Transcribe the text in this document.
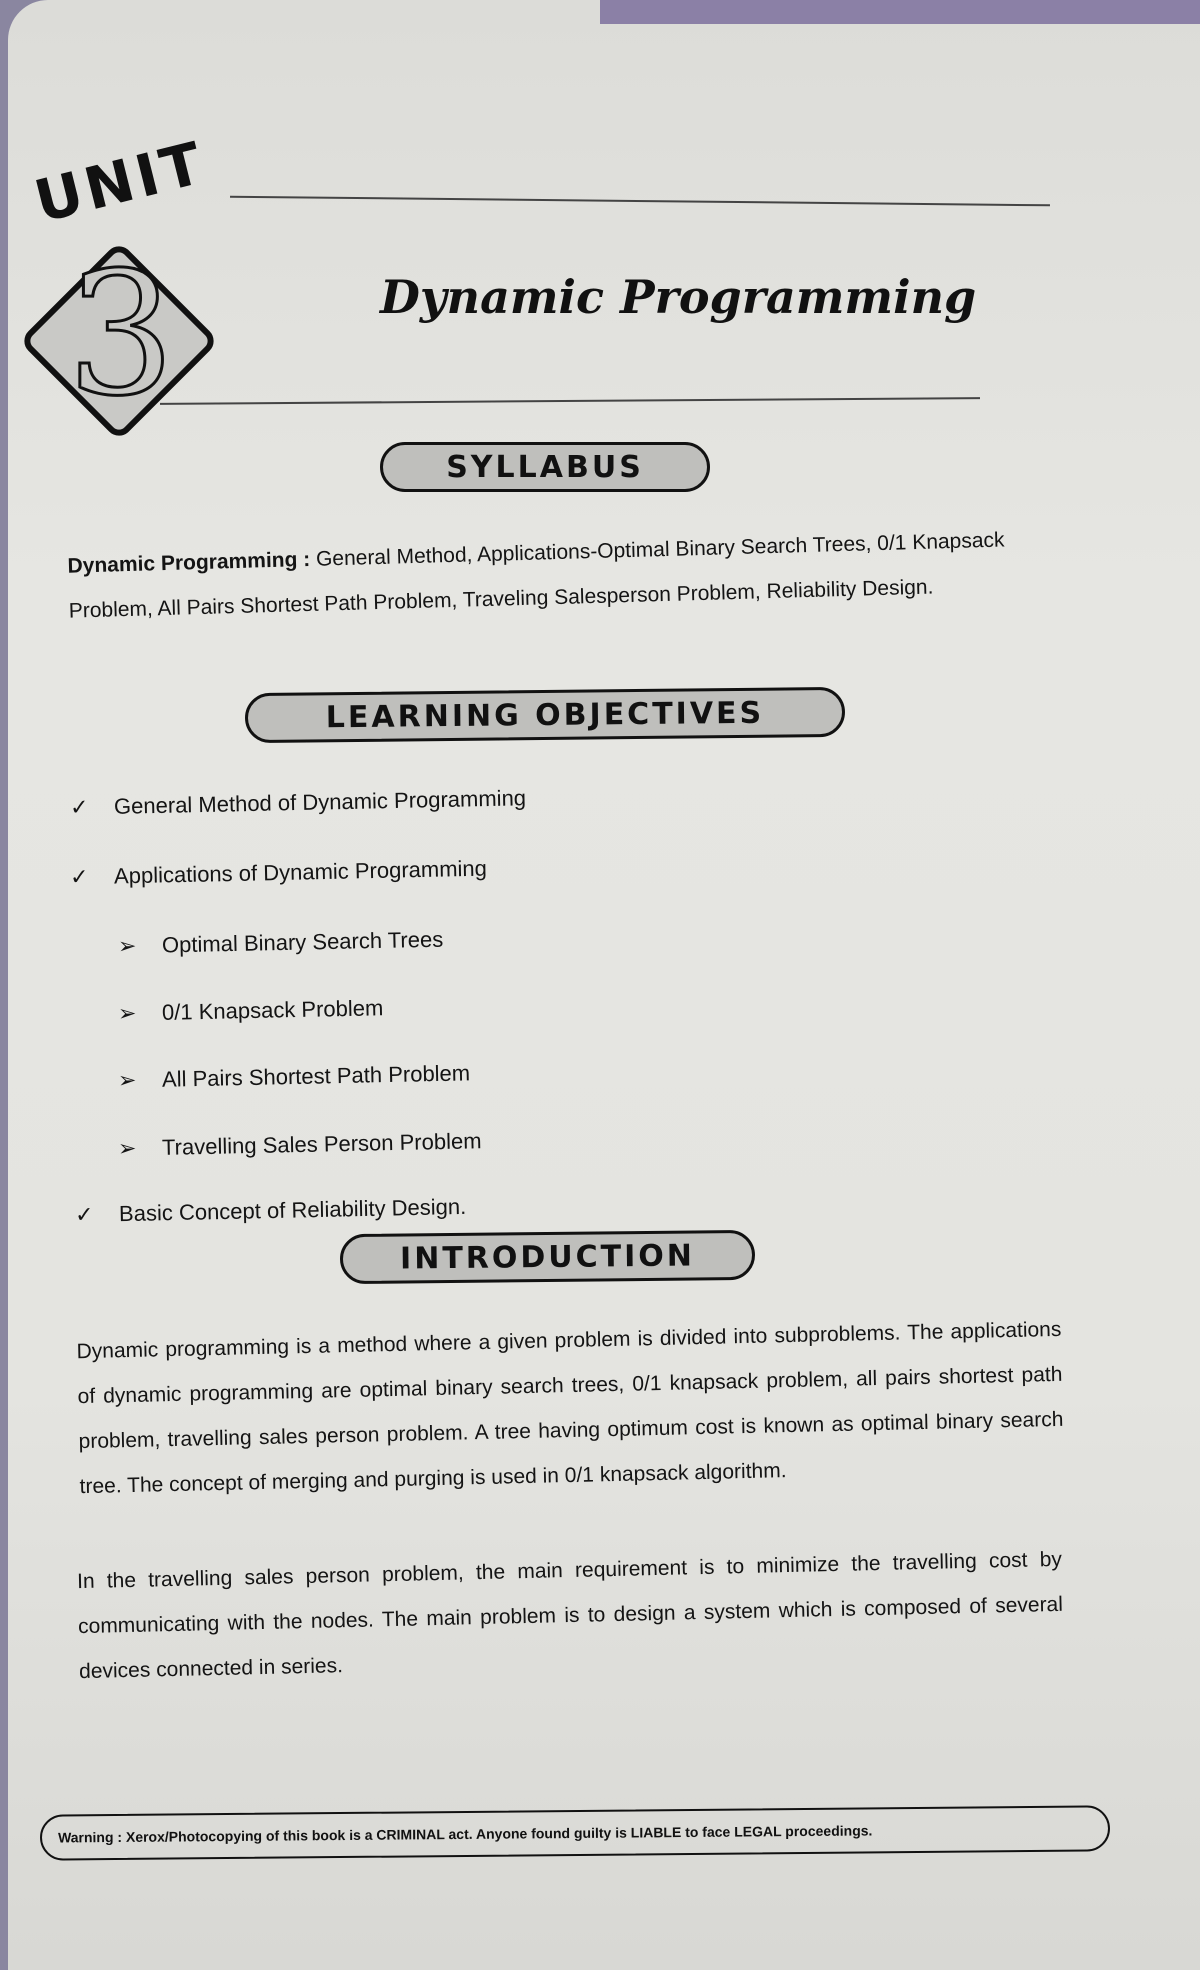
UNIT
3	Dynamic Programming
SYLLABUS
Dynamic Programming : General Method, Applications-Optimal Binary Search Trees, 0/1 Knapsack Problem, All Pairs Shortest Path Problem, Traveling Salesperson Problem, Reliability Design.
LEARNING OBJECTIVES
✓	General Method of Dynamic Programming
✓	Applications of Dynamic Programming
➢	Optimal Binary Search Trees
➢	0/1 Knapsack Problem
➢	All Pairs Shortest Path Problem
➢	Travelling Sales Person Problem
✓	Basic Concept of Reliability Design.
INTRODUCTION
Dynamic programming is a method where a given problem is divided into subproblems. The applications of dynamic programming are optimal binary search trees, 0/1 knapsack problem, all pairs shortest path problem, travelling sales person problem. A tree having optimum cost is known as optimal binary search tree. The concept of merging and purging is used in 0/1 knapsack algorithm.
In the travelling sales person problem, the main requirement is to minimize the travelling cost by communicating with the nodes. The main problem is to design a system which is composed of several devices connected in series.
Warning : Xerox/Photocopying of this book is a CRIMINAL act. Anyone found guilty is LIABLE to face LEGAL proceedings.
